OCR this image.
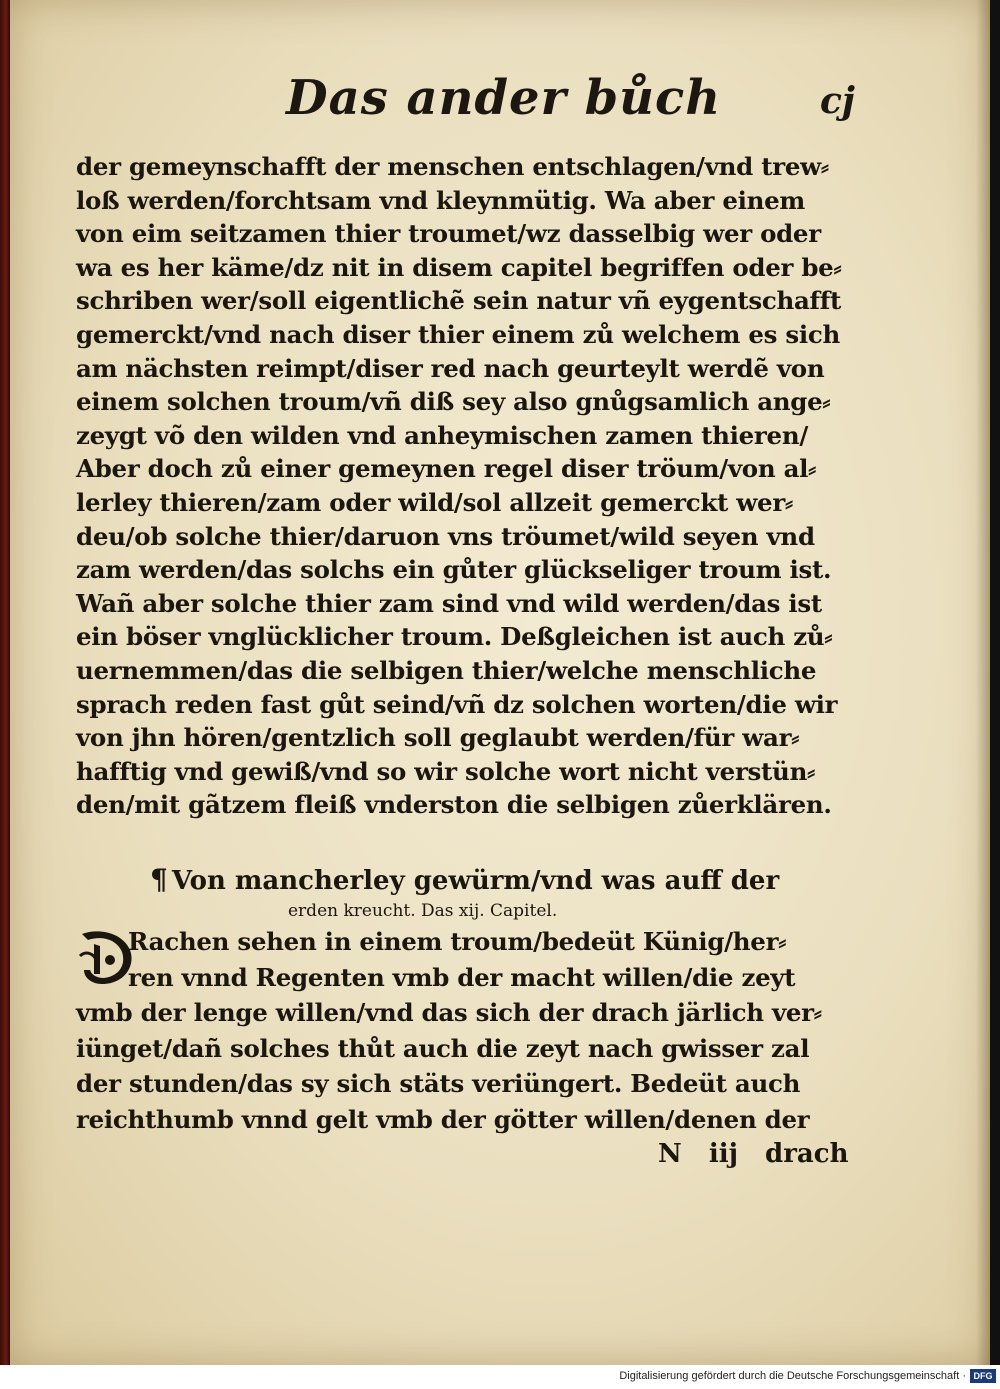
Das ander bůch	cj
der gemeynschafft der menschen entschlagen/vnd trew⸗
loß werden/forchtsam vnd kleynmütig. Wa aber einem
von eim seitzamen thier troumet/wz dasselbig wer oder
wa es her käme/dz nit in disem capitel begriffen oder be⸗
schriben wer/soll eigentlichẽ sein natur vñ eygentschafft
gemerckt/vnd nach diser thier einem zů welchem es sich
am nächsten reimpt/diser red nach geurteylt werdẽ von
einem solchen troum/vñ diß sey also gnůgsamlich ange⸗
zeygt võ den wilden vnd anheymischen zamen thieren/
Aber doch zů einer gemeynen regel diser tröum/von al⸗
lerley thieren/zam oder wild/sol allzeit gemerckt wer⸗
deu/ob solche thier/daruon vns tröumet/wild seyen vnd
zam werden/das solchs ein gůter glückseliger troum ist.
Wañ aber solche thier zam sind vnd wild werden/das ist
ein böser vnglücklicher troum. Deßgleichen ist auch zů⸗
uernemmen/das die selbigen thier/welche menschliche
sprach reden fast gůt seind/vñ dz solchen worten/die wir
von jhn hören/gentzlich soll geglaubt werden/für war⸗
hafftig vnd gewiß/vnd so wir solche wort nicht verstün⸗
den/mit gãtzem fleiß vnderston die selbigen zůerklären.
¶ Von mancherley gewürm/vnd was auff der
erden kreucht. Das xij. Capitel.
Rachen sehen in einem troum/bedeüt Künig/her⸗
ren vnnd Regenten vmb der macht willen/die zeyt
vmb der lenge willen/vnd das sich der drach järlich ver⸗
iünget/dañ solches thůt auch die zeyt nach gwisser zal
der stunden/das sy sich stäts veriüngert. Bedeüt auch
reichthumb vnnd gelt vmb der götter willen/denen der
N iij drach
Digitalisierung gefördert durch die Deutsche Forschungsgemeinschaft · DFG
